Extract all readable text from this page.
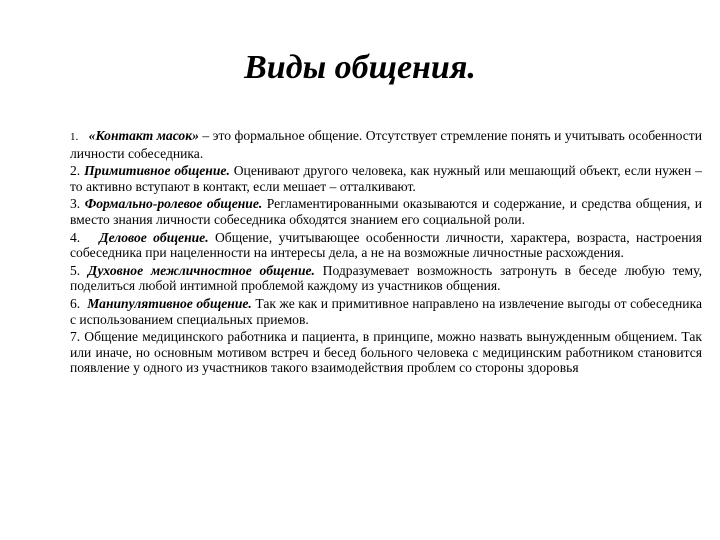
Виды общения.

1. «Контакт масок» – это формальное общение. Отсутствует стремление понять и учитывать особенности личности собеседника.

2. Примитивное общение. Оценивают другого человека, как нужный или мешающий объект, если нужен – то активно вступают в контакт, если мешает – отталкивают.

3. Формально-ролевое общение. Регламентированными оказываются и содержание, и средства общения, и вместо знания личности собеседника обходятся знанием его социальной роли.

4. Деловое общение. Общение, учитывающее особенности личности, характера, возраста, настроения собеседника при нацеленности на интересы дела, а не на возможные личностные расхождения.

5. Духовное межличностное общение. Подразумевает возможность затронуть в беседе любую тему, поделиться любой интимной проблемой каждому из участников общения.

6. Манипулятивное общение. Так же как и примитивное направлено на извлечение выгоды от собеседника с использованием специальных приемов.

7. Общение медицинского работника и пациента, в принципе, можно назвать вынужденным общением. Так или иначе, но основным мотивом встреч и бесед больного человека с медицинским работником становится появление у одного из участников такого взаимодействия проблем со стороны здоровья
